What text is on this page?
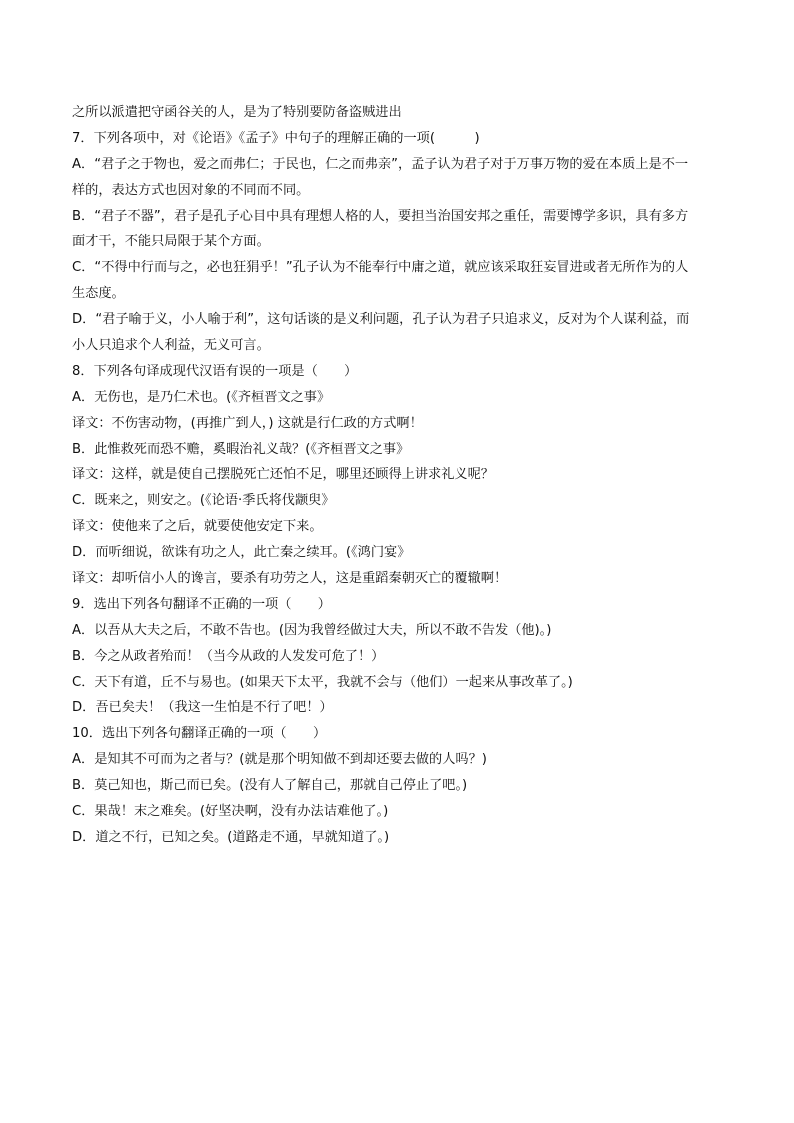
之所以派遣把守函谷关的人，是为了特别要防备盗贼进出
7．下列各项中，对《论语》《孟子》中句子的理解正确的一项(　　　)
A．“君子之于物也，爱之而弗仁；于民也，仁之而弗亲”，孟子认为君子对于万事万物的爱在本质上是不一
样的，表达方式也因对象的不同而不同。
B．“君子不器”，君子是孔子心目中具有理想人格的人，要担当治国安邦之重任，需要博学多识，具有多方
面才干，不能只局限于某个方面。
C．“不得中行而与之，必也狂狷乎！”孔子认为不能奉行中庸之道，就应该采取狂妄冒进或者无所作为的人
生态度。
D．“君子喻于义，小人喻于利”，这句话谈的是义利问题，孔子认为君子只追求义，反对为个人谋利益，而
小人只追求个人利益，无义可言。
8．下列各句译成现代汉语有误的一项是（　　）
A．无伤也，是乃仁术也。(《齐桓晋文之事》
译文：不伤害动物，(再推广到人，) 这就是行仁政的方式啊！
B．此惟救死而恐不赡，奚暇治礼义哉？(《齐桓晋文之事》
译文：这样，就是使自己摆脱死亡还怕不足，哪里还顾得上讲求礼义呢？
C．既来之，则安之。(《论语·季氏将伐颛臾》
译文：使他来了之后，就要使他安定下来。
D．而听细说，欲诛有功之人，此亡秦之续耳。(《鸿门宴》
译文：却听信小人的谗言，要杀有功劳之人，这是重蹈秦朝灭亡的覆辙啊！
9．选出下列各句翻译不正确的一项（　　）
A．以吾从大夫之后，不敢不告也。(因为我曾经做过大夫，所以不敢不告发（他)。)
B．今之从政者殆而！（当今从政的人发发可危了！）
C．天下有道，丘不与易也。(如果天下太平，我就不会与（他们）一起来从事改革了。)
D．吾已矣夫！（我这一生怕是不行了吧！）
10．选出下列各句翻译正确的一项（　　）
A．是知其不可而为之者与？(就是那个明知做不到却还要去做的人吗？)
B．莫己知也，斯己而已矣。(没有人了解自己，那就自己停止了吧。)
C．果哉！末之难矣。(好坚决啊，没有办法诘难他了。)
D．道之不行，已知之矣。(道路走不通，早就知道了。)
